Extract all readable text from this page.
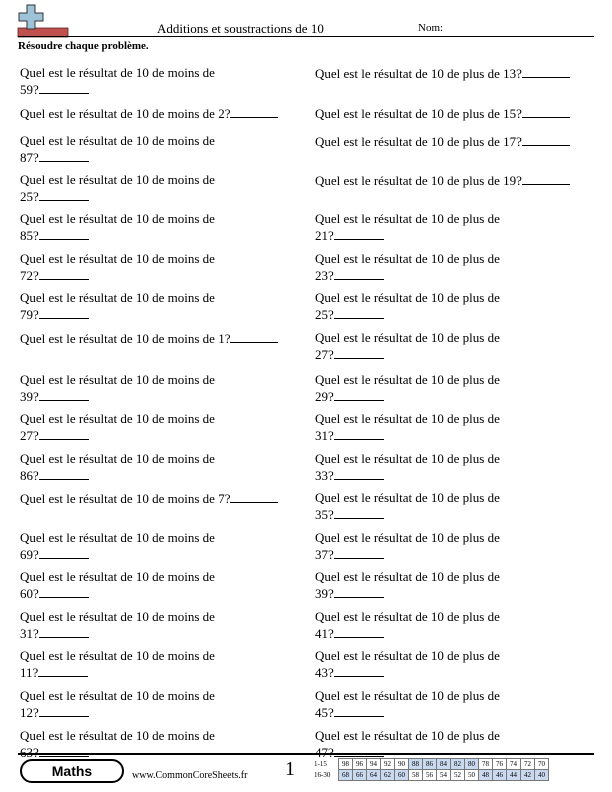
Additions et soustractions de 10	Nom:
Résoudre chaque problème.
Quel est le résultat de 10 de moins de
59?
Quel est le résultat de 10 de moins de 2?
Quel est le résultat de 10 de moins de
87?
Quel est le résultat de 10 de moins de
25?
Quel est le résultat de 10 de moins de
85?
Quel est le résultat de 10 de moins de
72?
Quel est le résultat de 10 de moins de
79?
Quel est le résultat de 10 de moins de 1?
Quel est le résultat de 10 de moins de
39?
Quel est le résultat de 10 de moins de
27?
Quel est le résultat de 10 de moins de
86?
Quel est le résultat de 10 de moins de 7?
Quel est le résultat de 10 de moins de
69?
Quel est le résultat de 10 de moins de
60?
Quel est le résultat de 10 de moins de
31?
Quel est le résultat de 10 de moins de
11?
Quel est le résultat de 10 de moins de
12?
Quel est le résultat de 10 de moins de
63?
Quel est le résultat de 10 de plus de 13?
Quel est le résultat de 10 de plus de 15?
Quel est le résultat de 10 de plus de 17?
Quel est le résultat de 10 de plus de 19?
Quel est le résultat de 10 de plus de
21?
Quel est le résultat de 10 de plus de
23?
Quel est le résultat de 10 de plus de
25?
Quel est le résultat de 10 de plus de
27?
Quel est le résultat de 10 de plus de
29?
Quel est le résultat de 10 de plus de
31?
Quel est le résultat de 10 de plus de
33?
Quel est le résultat de 10 de plus de
35?
Quel est le résultat de 10 de plus de
37?
Quel est le résultat de 10 de plus de
39?
Quel est le résultat de 10 de plus de
41?
Quel est le résultat de 10 de plus de
43?
Quel est le résultat de 10 de plus de
45?
Quel est le résultat de 10 de plus de
47?
Maths	www.CommonCoreSheets.fr 1	1-15	98	96	94	92	90	88	86	84	82	80	78	76	74	72	70
16-30	68	66	64	62	60	58	56	54	52	50	48	46	44	42	40
